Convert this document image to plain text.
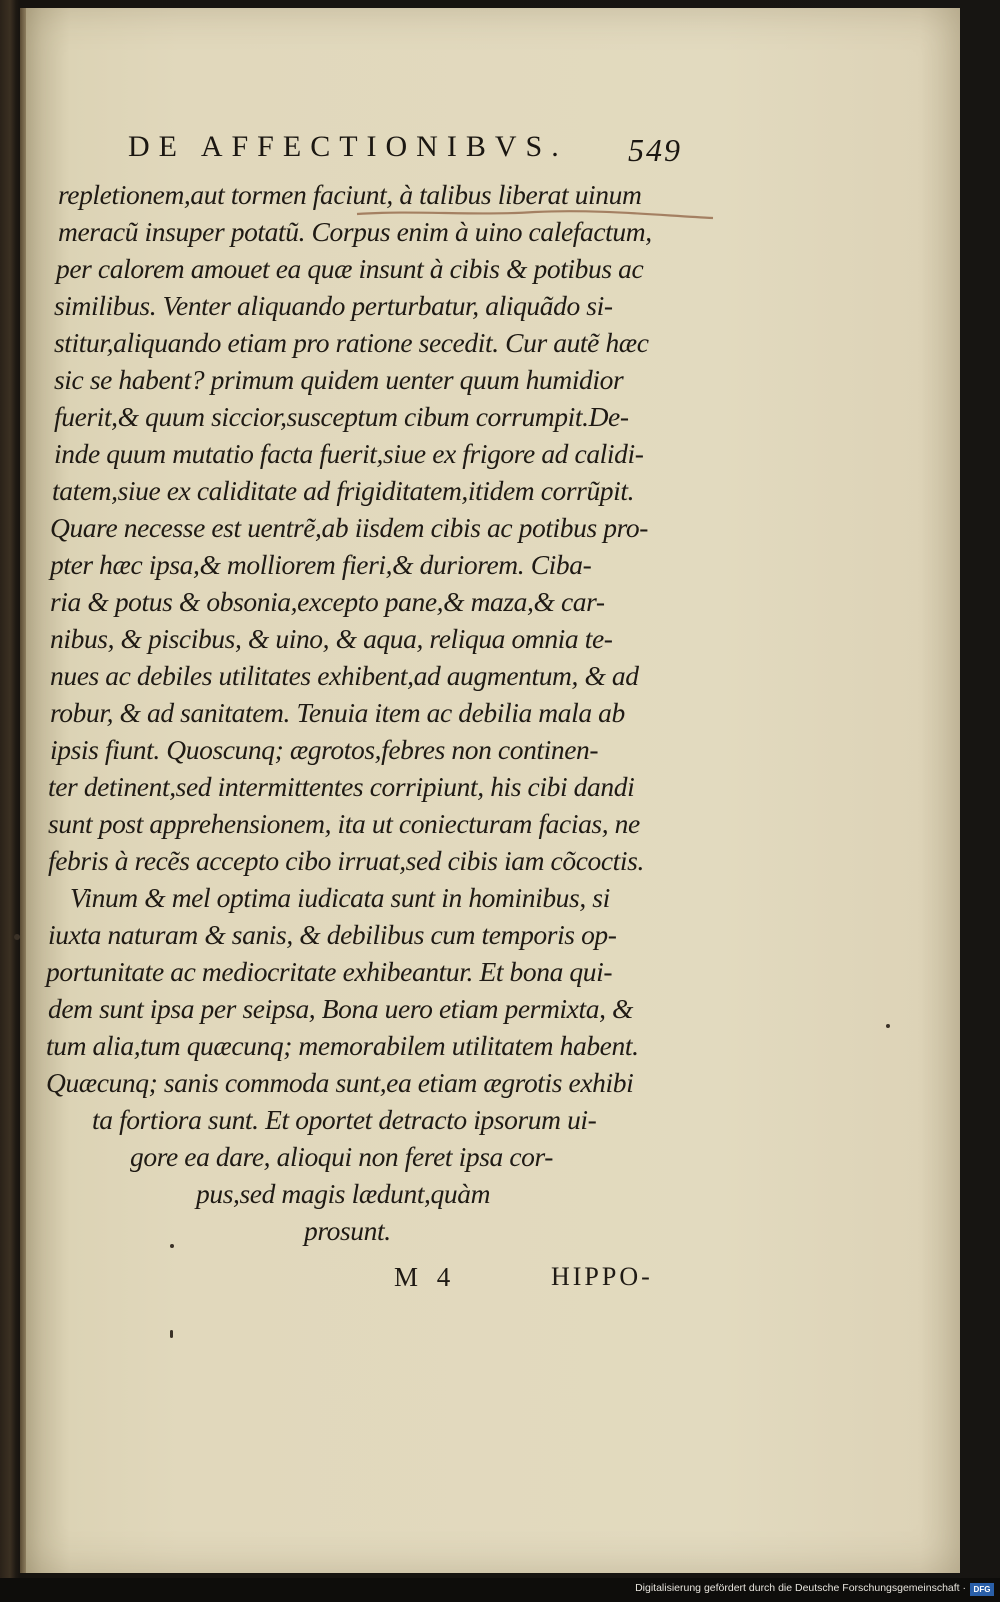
DE AFFECTIONIBVS. 549
repletionem,aut tormen faciunt, à talibus liberat uinum
meracũ insuper potatũ. Corpus enim à uino calefactum,
per calorem amouet ea quæ insunt à cibis & potibus ac
similibus. Venter aliquando perturbatur, aliquãdo si-
stitur,aliquando etiam pro ratione secedit. Cur autẽ hæc
sic se habent? primum quidem uenter quum humidior
fuerit,& quum siccior,susceptum cibum corrumpit.De-
inde quum mutatio facta fuerit,siue ex frigore ad calidi-
tatem,siue ex caliditate ad frigiditatem,itidem corrũpit.
Quare necesse est uentrẽ,ab iisdem cibis ac potibus pro-
pter hæc ipsa,& molliorem fieri,& duriorem. Ciba-
ria & potus & obsonia,excepto pane,& maza,& car-
nibus, & piscibus, & uino, & aqua, reliqua omnia te-
nues ac debiles utilitates exhibent,ad augmentum, & ad
robur, & ad sanitatem. Tenuia item ac debilia mala ab
ipsis fiunt. Quoscunq; ægrotos,febres non continen-
ter detinent,sed intermittentes corripiunt, his cibi dandi
sunt post apprehensionem, ita ut coniecturam facias, ne
febris à recẽs accepto cibo irruat,sed cibis iam cõcoctis.
Vinum & mel optima iudicata sunt in hominibus, si
iuxta naturam & sanis, & debilibus cum temporis op-
portunitate ac mediocritate exhibeantur. Et bona qui-
dem sunt ipsa per seipsa, Bona uero etiam permixta, &
tum alia,tum quæcunq; memorabilem utilitatem habent.
Quæcunq; sanis commoda sunt,ea etiam ægrotis exhibi
ta fortiora sunt. Et oportet detracto ipsorum ui-
gore ea dare, alioqui non feret ipsa cor-
pus,sed magis lædunt,quàm
prosunt.
M 4	HIPPO-
Digitalisierung gefördert durch die Deutsche Forschungsgemeinschaft · DFG
